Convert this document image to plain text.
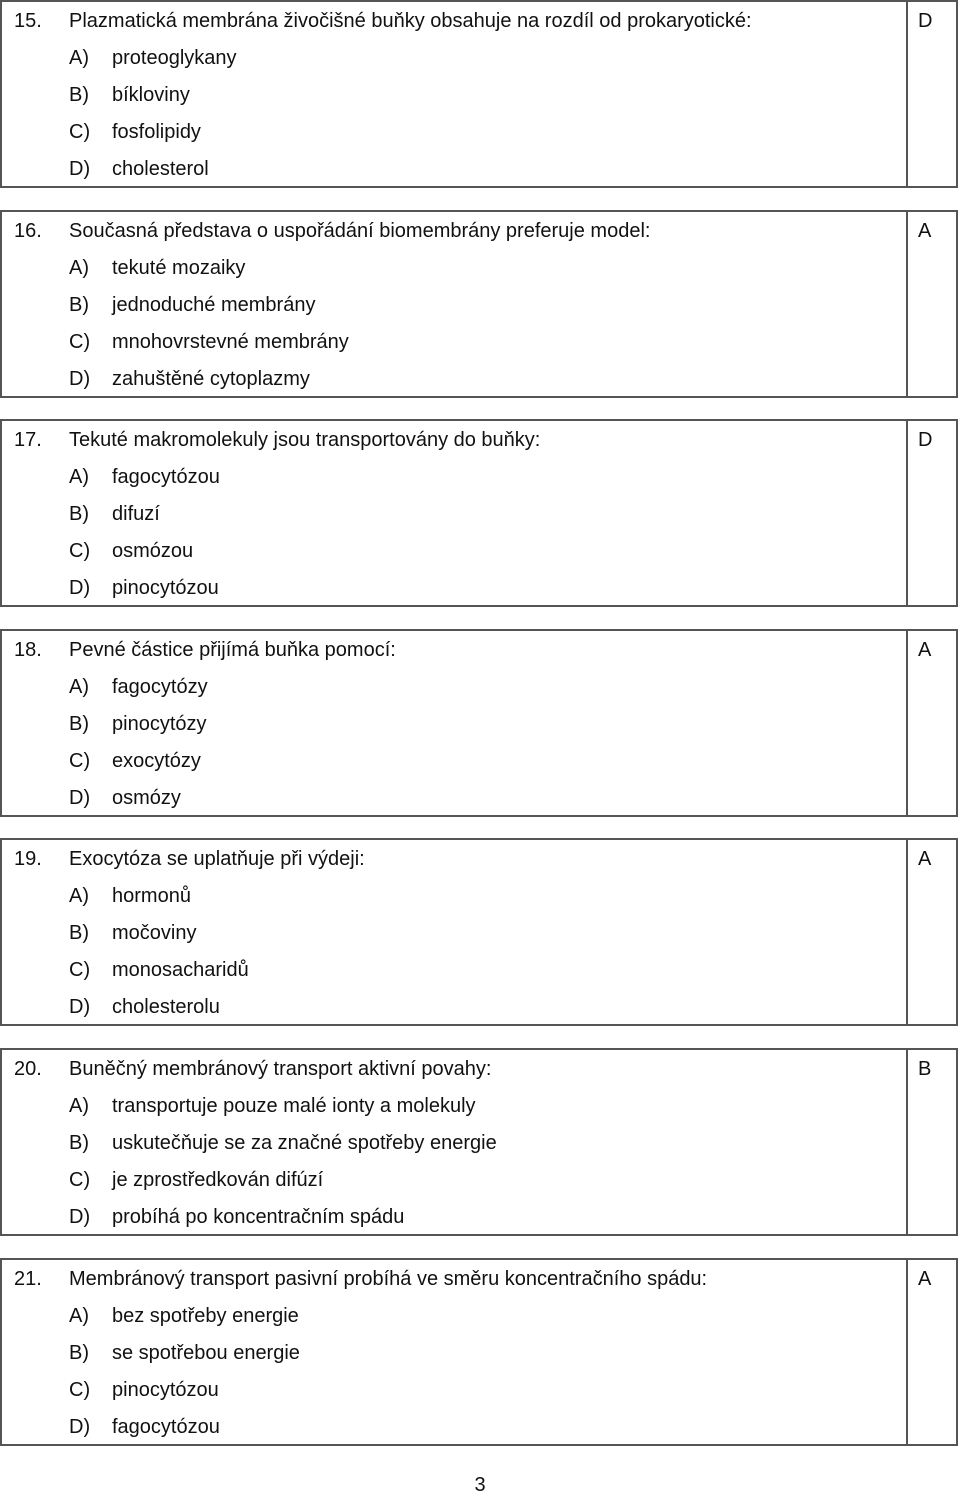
15. Plazmatická membrána živočišné buňky obsahuje na rozdíl od prokaryotické:
A) proteoglykany
B) bíkloviny
C) fosfolipidy
D) cholesterol
D
16. Současná představa o uspořádání biomembrány preferuje model:
A) tekuté mozaiky
B) jednoduché membrány
C) mnohovrstevné membrány
D) zahuštěné cytoplazmy
A
17. Tekuté makromolekuly jsou transportovány do buňky:
A) fagocytózou
B) difuzí
C) osmózou
D) pinocytózou
D
18. Pevné částice přijímá buňka pomocí:
A) fagocytózy
B) pinocytózy
C) exocytózy
D) osmózy
A
19. Exocytóza se uplatňuje při výdeji:
A) hormonů
B) močoviny
C) monosacharidů
D) cholesterolu
A
20. Buněčný membránový transport aktivní povahy:
A) transportuje pouze malé ionty a molekuly
B) uskutečňuje se za značné spotřeby energie
C) je zprostředkován difúzí
D) probíhá po koncentračním spádu
B
21. Membránový transport pasivní probíhá ve směru koncentračního spádu:
A) bez spotřeby energie
B) se spotřebou energie
C) pinocytózou
D) fagocytózou
A
3
